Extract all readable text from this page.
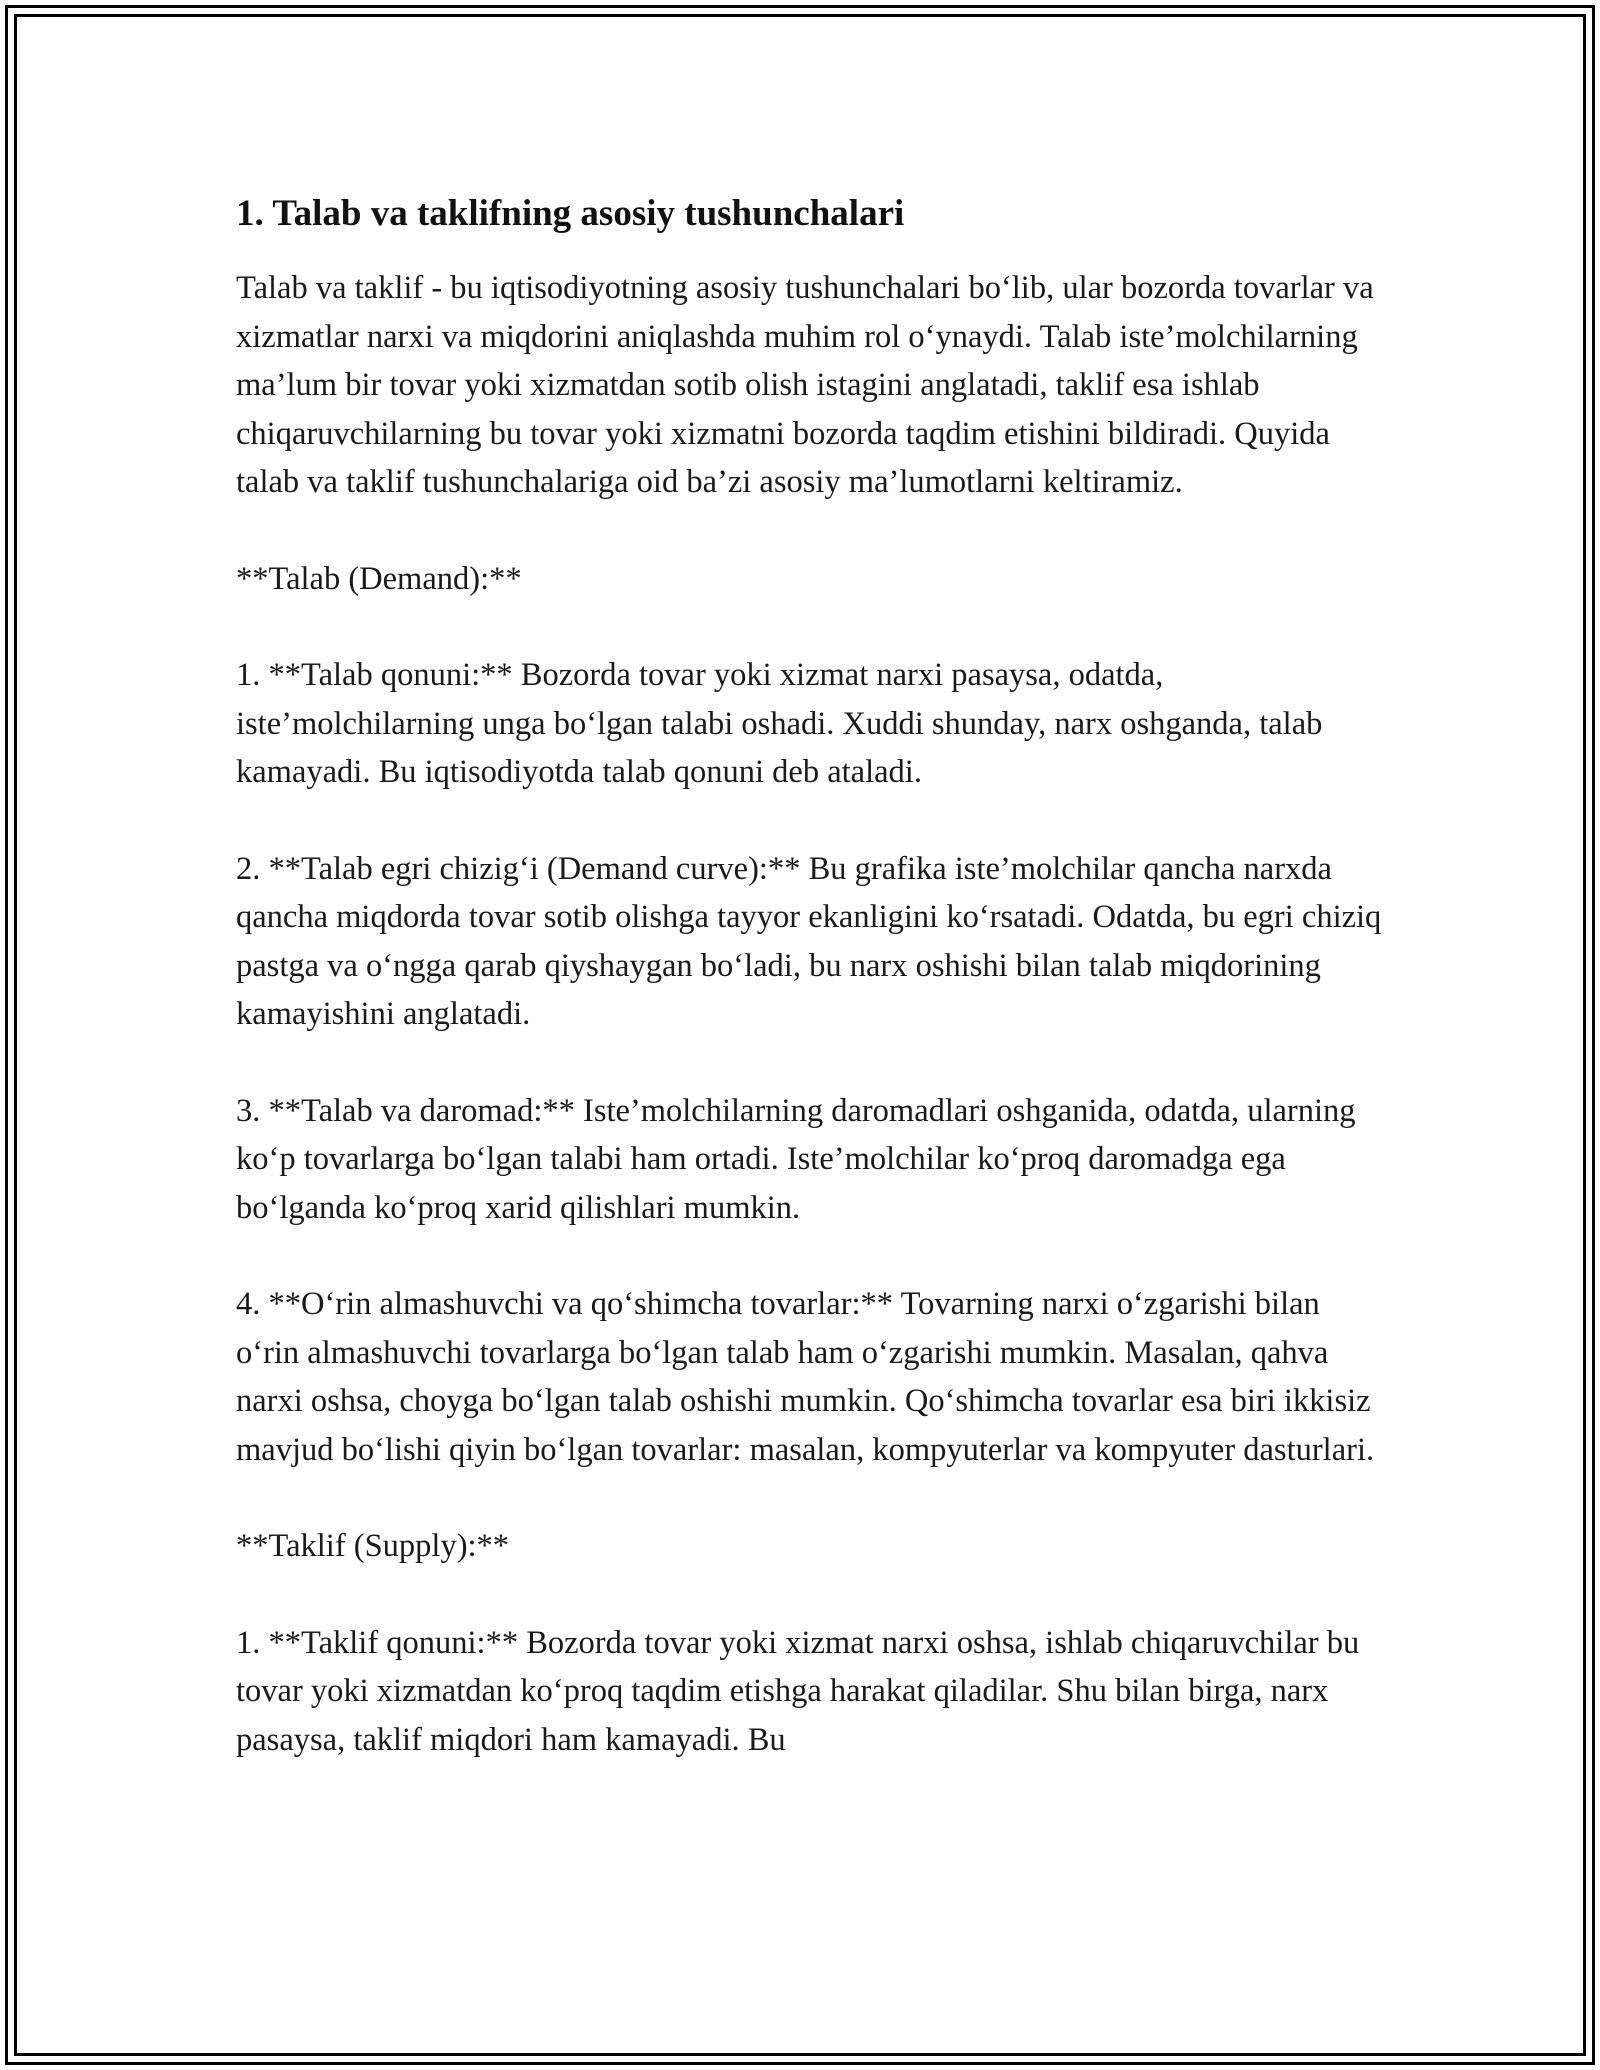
1. Talab va taklifning asosiy tushunchalari

Talab va taklif - bu iqtisodiyotning asosiy tushunchalari bo‘lib, ular bozorda tovarlar va xizmatlar narxi va miqdorini aniqlashda muhim rol o‘ynaydi. Talab iste’molchilarning ma’lum bir tovar yoki xizmatdan sotib olish istagini anglatadi, taklif esa ishlab chiqaruvchilarning bu tovar yoki xizmatni bozorda taqdim etishini bildiradi. Quyida talab va taklif tushunchalariga oid ba’zi asosiy ma’lumotlarni keltiramiz.

**Talab (Demand):**

1. **Talab qonuni:** Bozorda tovar yoki xizmat narxi pasaysa, odatda, iste’molchilarning unga bo‘lgan talabi oshadi. Xuddi shunday, narx oshganda, talab kamayadi. Bu iqtisodiyotda talab qonuni deb ataladi.

2. **Talab egri chizig‘i (Demand curve):** Bu grafika iste’molchilar qancha narxda qancha miqdorda tovar sotib olishga tayyor ekanligini ko‘rsatadi. Odatda, bu egri chiziq pastga va o‘ngga qarab qiyshaygan bo‘ladi, bu narx oshishi bilan talab miqdorining kamayishini anglatadi.

3. **Talab va daromad:** Iste’molchilarning daromadlari oshganida, odatda, ularning ko‘p tovarlarga bo‘lgan talabi ham ortadi. Iste’molchilar ko‘proq daromadga ega bo‘lganda ko‘proq xarid qilishlari mumkin.

4. **O‘rin almashuvchi va qo‘shimcha tovarlar:** Tovarning narxi o‘zgarishi bilan o‘rin almashuvchi tovarlarga bo‘lgan talab ham o‘zgarishi mumkin. Masalan, qahva narxi oshsa, choyga bo‘lgan talab oshishi mumkin. Qo‘shimcha tovarlar esa biri ikkisiz mavjud bo‘lishi qiyin bo‘lgan tovarlar: masalan, kompyuterlar va kompyuter dasturlari.

**Taklif (Supply):**

1. **Taklif qonuni:** Bozorda tovar yoki xizmat narxi oshsa, ishlab chiqaruvchilar bu tovar yoki xizmatdan ko‘proq taqdim etishga harakat qiladilar. Shu bilan birga, narx pasaysa, taklif miqdori ham kamayadi. Bu
